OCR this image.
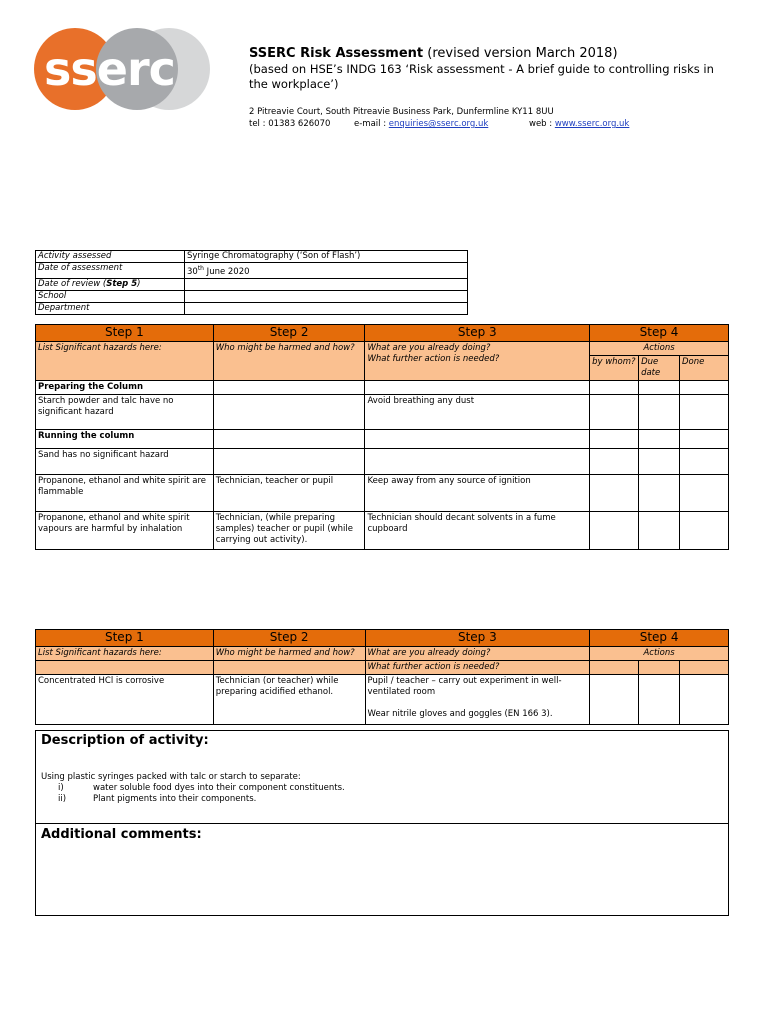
sserc	SSERC Risk Assessment (revised version March 2018)
(based on HSE’s INDG 163 ‘Risk assessment - A brief guide to controlling risks in the workplace’)
2 Pitreavie Court, South Pitreavie Business Park, Dunfermline KY11 8UU
tel : 01383 626070	e-mail : enquiries@sserc.org.uk	web : www.sserc.org.uk
Activity assessed	Syringe Chromatography (‘Son of Flash’)
Date of assessment	30th June 2020
Date of review (Step 5)	
School	
Department	
Step 1	Step 2	Step 3	Step 4		
List Significant hazards here:	Who might be harmed and how?	What are you already doing?
What further action is needed?	Actions		
			by whom?	Due date	Done
Preparing the Column					
Starch powder and talc have no significant hazard		Avoid breathing any dust			
Running the column					
Sand has no significant hazard					
Propanone, ethanol and white spirit are flammable	Technician, teacher or pupil	Keep away from any source of ignition			
Propanone, ethanol and white spirit vapours are harmful by inhalation	Technician, (while preparing samples) teacher or pupil (while carrying out activity).	Technician should decant solvents in a fume cupboard			
Step 1	Step 2	Step 3	Step 4		
List Significant hazards here:	Who might be harmed and how?	What are you already doing?	Actions		
		What further action is needed?			
Concentrated HCl is corrosive	Technician (or teacher) while preparing acidified ethanol.	Pupil / teacher – carry out experiment in well-ventilated room
Wear nitrile gloves and goggles (EN 166 3).			

Description of activity:
Using plastic syringes packed with talc or starch to separate:
i)	water soluble food dyes into their component constituents.
ii)	Plant pigments into their components.
Additional comments:
